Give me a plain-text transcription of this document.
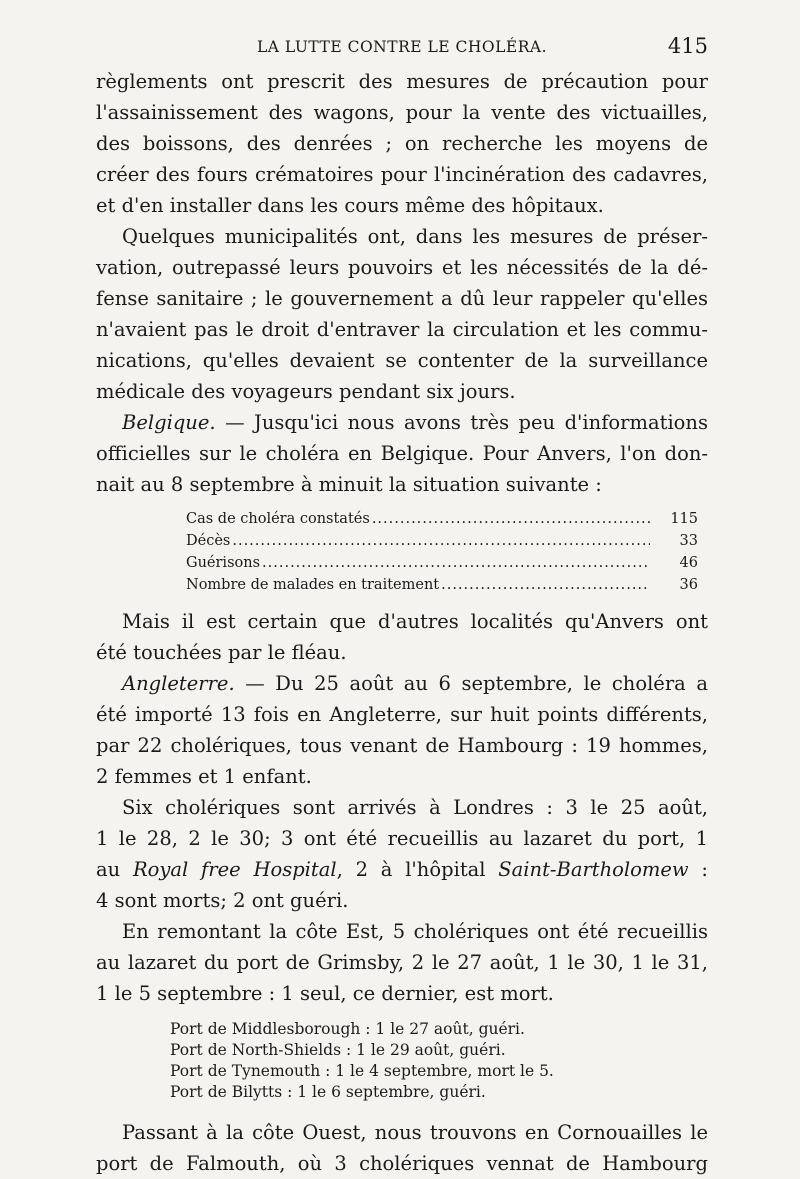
LA LUTTE CONTRE LE CHOLÉRA.	415

règlements ont prescrit des mesures de précaution pour

l'assainissement des wagons, pour la vente des victuailles,

des boissons, des denrées ; on recherche les moyens de

créer des fours crématoires pour l'incinération des cadavres,

et d'en installer dans les cours même des hôpitaux.

Quelques municipalités ont, dans les mesures de préser-

vation, outrepassé leurs pouvoirs et les nécessités de la dé-

fense sanitaire ; le gouvernement a dû leur rappeler qu'elles

n'avaient pas le droit d'entraver la circulation et les commu-

nications, qu'elles devaient se contenter de la surveillance

médicale des voyageurs pendant six jours.

Belgique. — Jusqu'ici nous avons très peu d'informations

officielles sur le choléra en Belgique. Pour Anvers, l'on don-

nait au 8 septembre à minuit la situation suivante :

Cas de choléra constatés .....	115
Décès .....	33
Guérisons .....	46
Nombre de malades en traitement .....	36

Mais il est certain que d'autres localités qu'Anvers ont

été touchées par le fléau.

Angleterre. — Du 25 août au 6 septembre, le choléra a

été importé 13 fois en Angleterre, sur huit points différents,

par 22 cholériques, tous venant de Hambourg : 19 hommes,

2 femmes et 1 enfant.

Six cholériques sont arrivés à Londres : 3 le 25 août,

1 le 28, 2 le 30; 3 ont été recueillis au lazaret du port, 1

au Royal free Hospital, 2 à l'hôpital Saint-Bartholomew :

4 sont morts; 2 ont guéri.

En remontant la côte Est, 5 cholériques ont été recueillis

au lazaret du port de Grimsby, 2 le 27 août, 1 le 30, 1 le 31,

1 le 5 septembre : 1 seul, ce dernier, est mort.

Port de Middlesborough : 1 le 27 août, guéri.
Port de North-Shields : 1 le 29 août, guéri.
Port de Tynemouth : 1 le 4 septembre, mort le 5.
Port de Bilytts : 1 le 6 septembre, guéri.

Passant à la côte Ouest, nous trouvons en Cornouailles le

port de Falmouth, où 3 cholériques vennat de Hambourg
